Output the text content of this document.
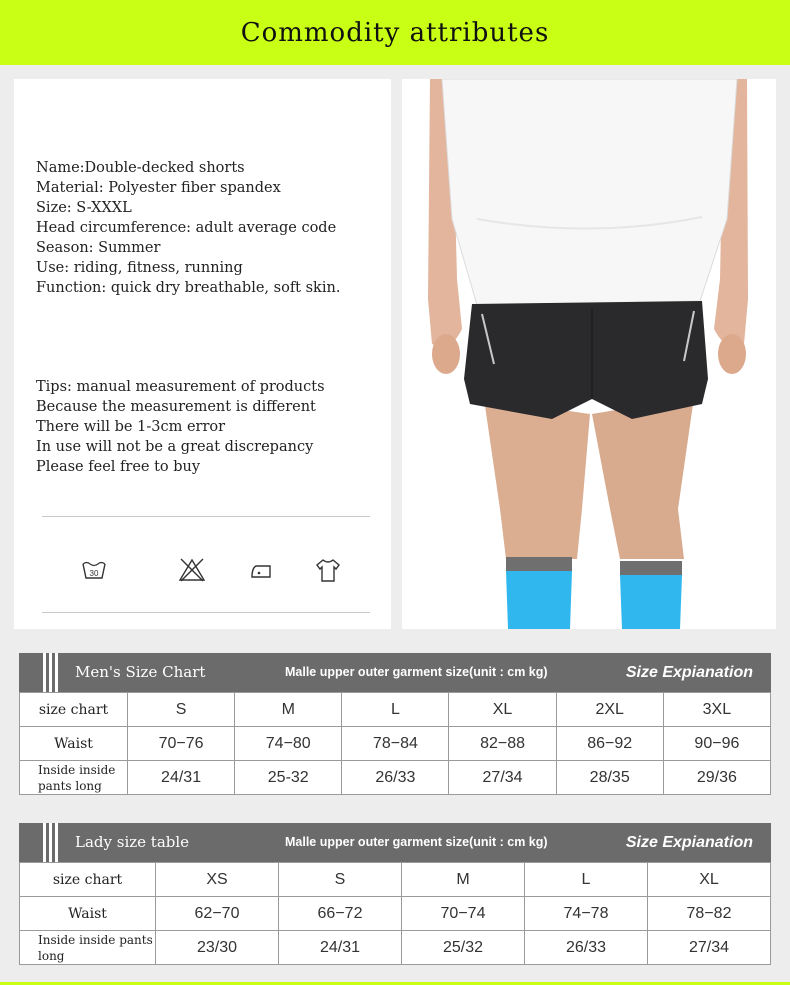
Commodity attributes
Name:Double-decked shorts
Material: Polyester fiber spandex
Size: S-XXXL
Head circumference: adult average code
Season: Summer
Use: riding, fitness, running
Function: quick dry breathable, soft skin.
Tips: manual measurement of products
Because the measurement is different
There will be 1-3cm error
In use will not be a great discrepancy
Please feel free to buy
30
Men's Size Chart	Malle upper outer garment size(unit : cm kg)	Size Expianation
size chart	S	M	L	XL	2XL	3XL
Waist	70−76	74−80	78−84	82−88	86−92	90−96
Inside inside pants long	24/31	25-32	26/33	27/34	28/35	29/36
Lady size table	Malle upper outer garment size(unit : cm kg)	Size Expianation
size chart	XS	S	M	L	XL
Waist	62−70	66−72	70−74	74−78	78−82
Inside inside pants long	23/30	24/31	25/32	26/33	27/34
